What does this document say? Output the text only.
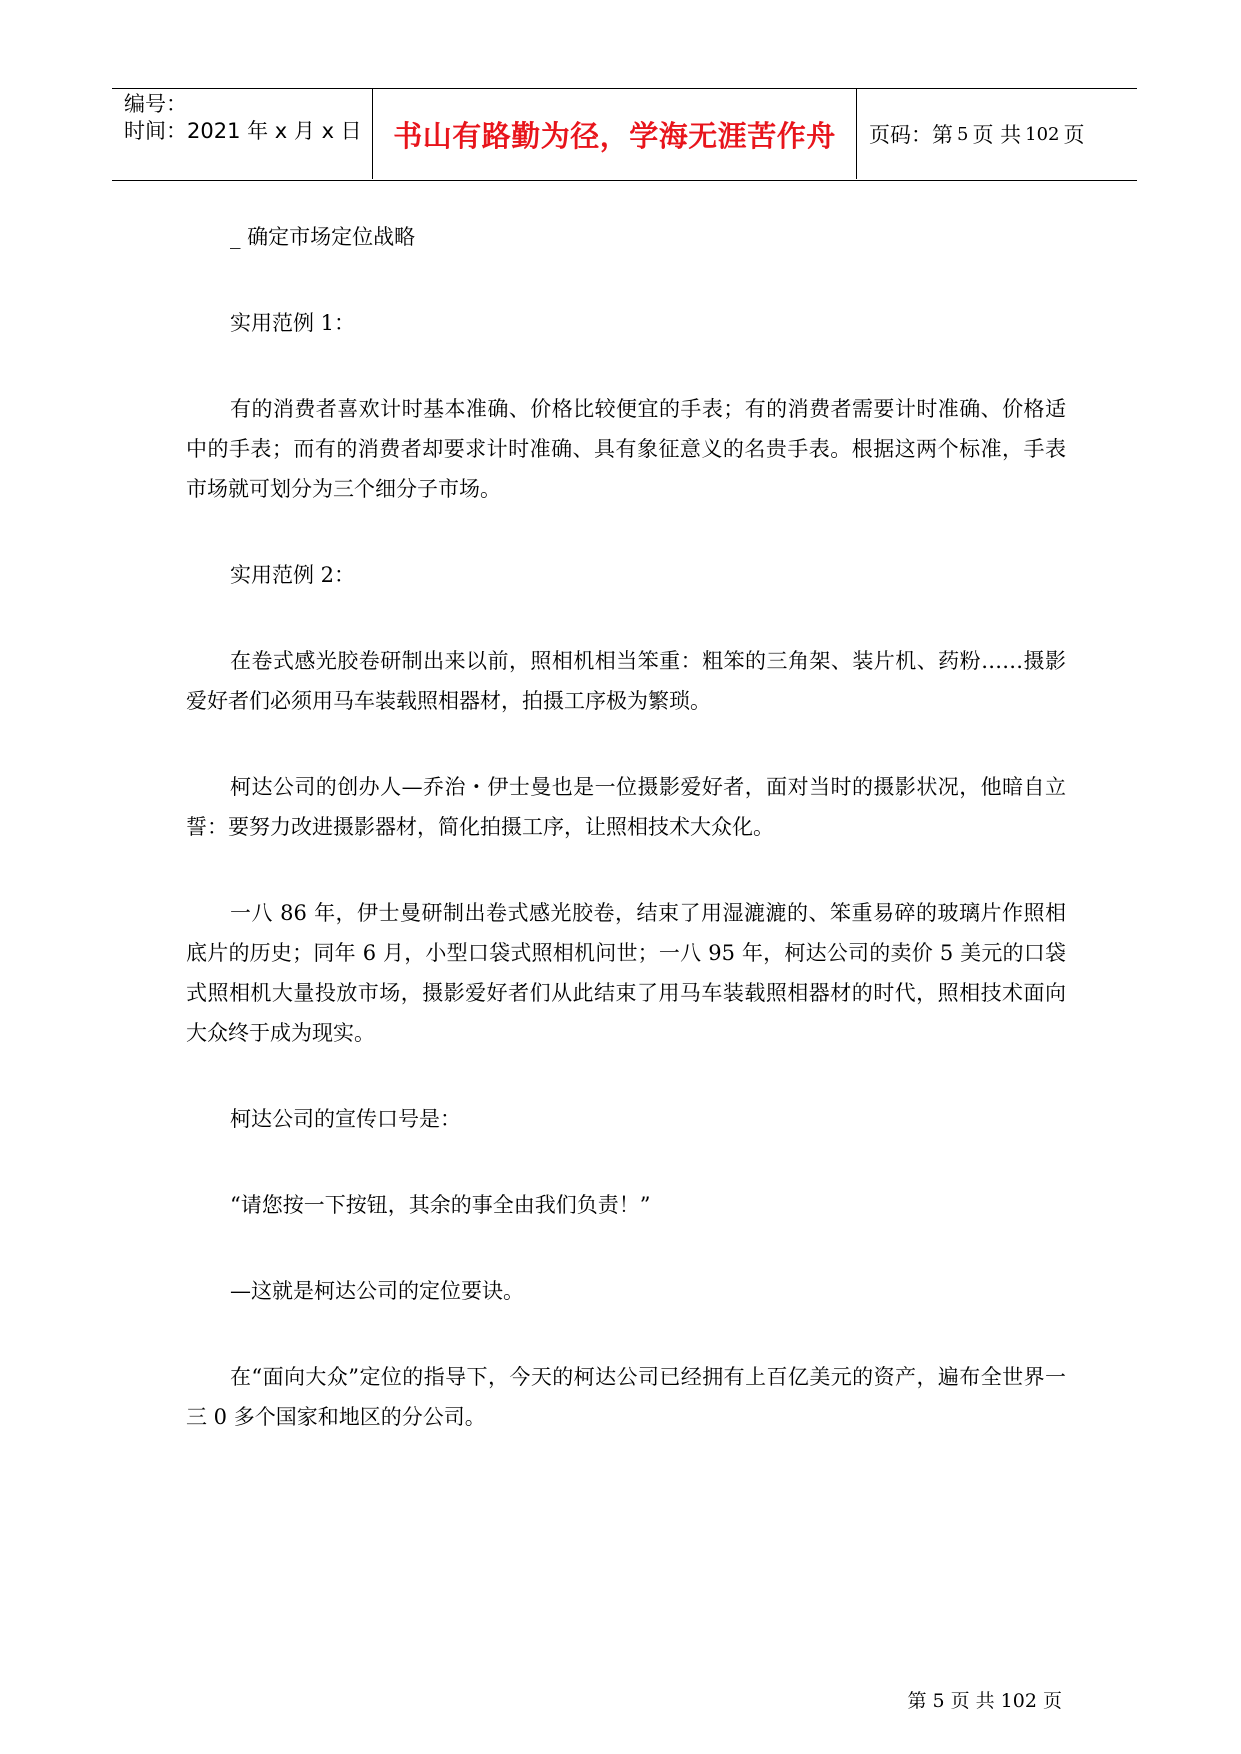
编号：
时间：2021 年 x 月 x 日	书山有路勤为径，学海无涯苦作舟	页码：第 5 页 共 102 页

_ 确定市场定位战略

实用范例 1：

有的消费者喜欢计时基本准确、价格比较便宜的手表；有的消费者需要计时准确、价格适中的手表；而有的消费者却要求计时准确、具有象征意义的名贵手表。根据这两个标准，手表市场就可划分为三个细分子市场。

实用范例 2：

在卷式感光胶卷研制出来以前，照相机相当笨重：粗笨的三角架、装片机、药粉……摄影爱好者们必须用马车装载照相器材，拍摄工序极为繁琐。

柯达公司的创办人—乔治・伊士曼也是一位摄影爱好者，面对当时的摄影状况，他暗自立誓：要努力改进摄影器材，简化拍摄工序，让照相技术大众化。

一八 86 年，伊士曼研制出卷式感光胶卷，结束了用湿漉漉的、笨重易碎的玻璃片作照相底片的历史；同年 6 月，小型口袋式照相机问世；一八 95 年，柯达公司的卖价 5 美元的口袋式照相机大量投放市场，摄影爱好者们从此结束了用马车装载照相器材的时代，照相技术面向大众终于成为现实。

柯达公司的宣传口号是：

“请您按一下按钮，其余的事全由我们负责！”

—这就是柯达公司的定位要诀。

在“面向大众”定位的指导下，今天的柯达公司已经拥有上百亿美元的资产，遍布全世界一三 0 多个国家和地区的分公司。

第 5 页 共 102 页
